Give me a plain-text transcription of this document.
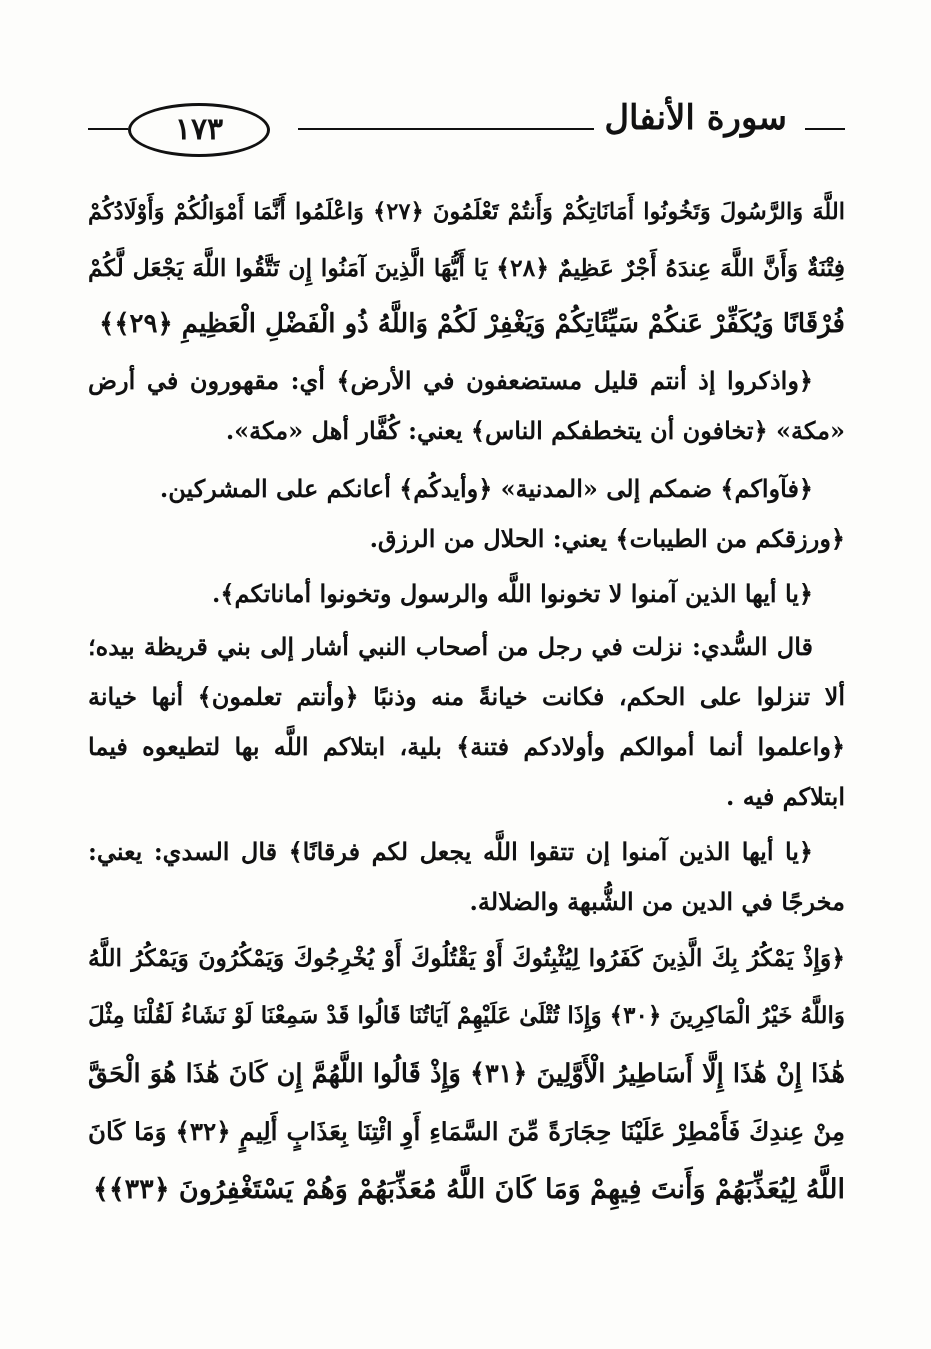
سورة الأنفال
١٧٣
اللَّهَ وَالرَّسُولَ وَتَخُونُوا أَمَانَاتِكُمْ وَأَنتُمْ تَعْلَمُونَ ﴿٢٧﴾ وَاعْلَمُوا أَنَّمَا أَمْوَالُكُمْ وَأَوْلَادُكُمْ
فِتْنَةٌ وَأَنَّ اللَّهَ عِندَهُ أَجْرٌ عَظِيمٌ ﴿٢٨﴾ يَا أَيُّهَا الَّذِينَ آمَنُوا إِن تَتَّقُوا اللَّهَ يَجْعَل لَّكُمْ
فُرْقَانًا وَيُكَفِّرْ عَنكُمْ سَيِّئَاتِكُمْ وَيَغْفِرْ لَكُمْ وَاللَّهُ ذُو الْفَضْلِ الْعَظِيمِ ﴿٢٩﴾﴾
﴿واذكروا إذ أنتم قليل مستضعفون في الأرض﴾ أي: مقهورون في أرض
«مكة» ﴿تخافون أن يتخطفكم الناس﴾ يعني: كُفَّار أهل «مكة».
﴿فآواكم﴾ ضمكم إلى «المدنية» ﴿وأيدكُم﴾ أعانكم على المشركين.
﴿ورزقكم من الطيبات﴾ يعني: الحلال من الرزق.
﴿يا أيها الذين آمنوا لا تخونوا اللَّه والرسول وتخونوا أماناتكم﴾.
قال السُّدي: نزلت في رجل من أصحاب النبي أشار إلى بني قريظة بيده؛
ألا تنزلوا على الحكم، فكانت خيانةً منه وذنبًا ﴿وأنتم تعلمون﴾ أنها خيانة
﴿واعلموا أنما أموالكم وأولادكم فتنة﴾ بلية، ابتلاكم اللَّه بها لتطيعوه فيما
ابتلاكم فيه .
﴿يا أيها الذين آمنوا إن تتقوا اللَّه يجعل لكم فرقانًا﴾ قال السدي: يعني:
مخرجًا في الدين من الشُّبهة والضلالة.
﴿وَإِذْ يَمْكُرُ بِكَ الَّذِينَ كَفَرُوا لِيُثْبِتُوكَ أَوْ يَقْتُلُوكَ أَوْ يُخْرِجُوكَ وَيَمْكُرُونَ وَيَمْكُرُ اللَّهُ
وَاللَّهُ خَيْرُ الْمَاكِرِينَ ﴿٣٠﴾ وَإِذَا تُتْلَىٰ عَلَيْهِمْ آيَاتُنَا قَالُوا قَدْ سَمِعْنَا لَوْ نَشَاءُ لَقُلْنَا مِثْلَ
هَٰذَا إِنْ هَٰذَا إِلَّا أَسَاطِيرُ الْأَوَّلِينَ ﴿٣١﴾ وَإِذْ قَالُوا اللَّهُمَّ إِن كَانَ هَٰذَا هُوَ الْحَقَّ
مِنْ عِندِكَ فَأَمْطِرْ عَلَيْنَا حِجَارَةً مِّنَ السَّمَاءِ أَوِ ائْتِنَا بِعَذَابٍ أَلِيمٍ ﴿٣٢﴾ وَمَا كَانَ
اللَّهُ لِيُعَذِّبَهُمْ وَأَنتَ فِيهِمْ وَمَا كَانَ اللَّهُ مُعَذِّبَهُمْ وَهُمْ يَسْتَغْفِرُونَ ﴿٣٣﴾﴾
